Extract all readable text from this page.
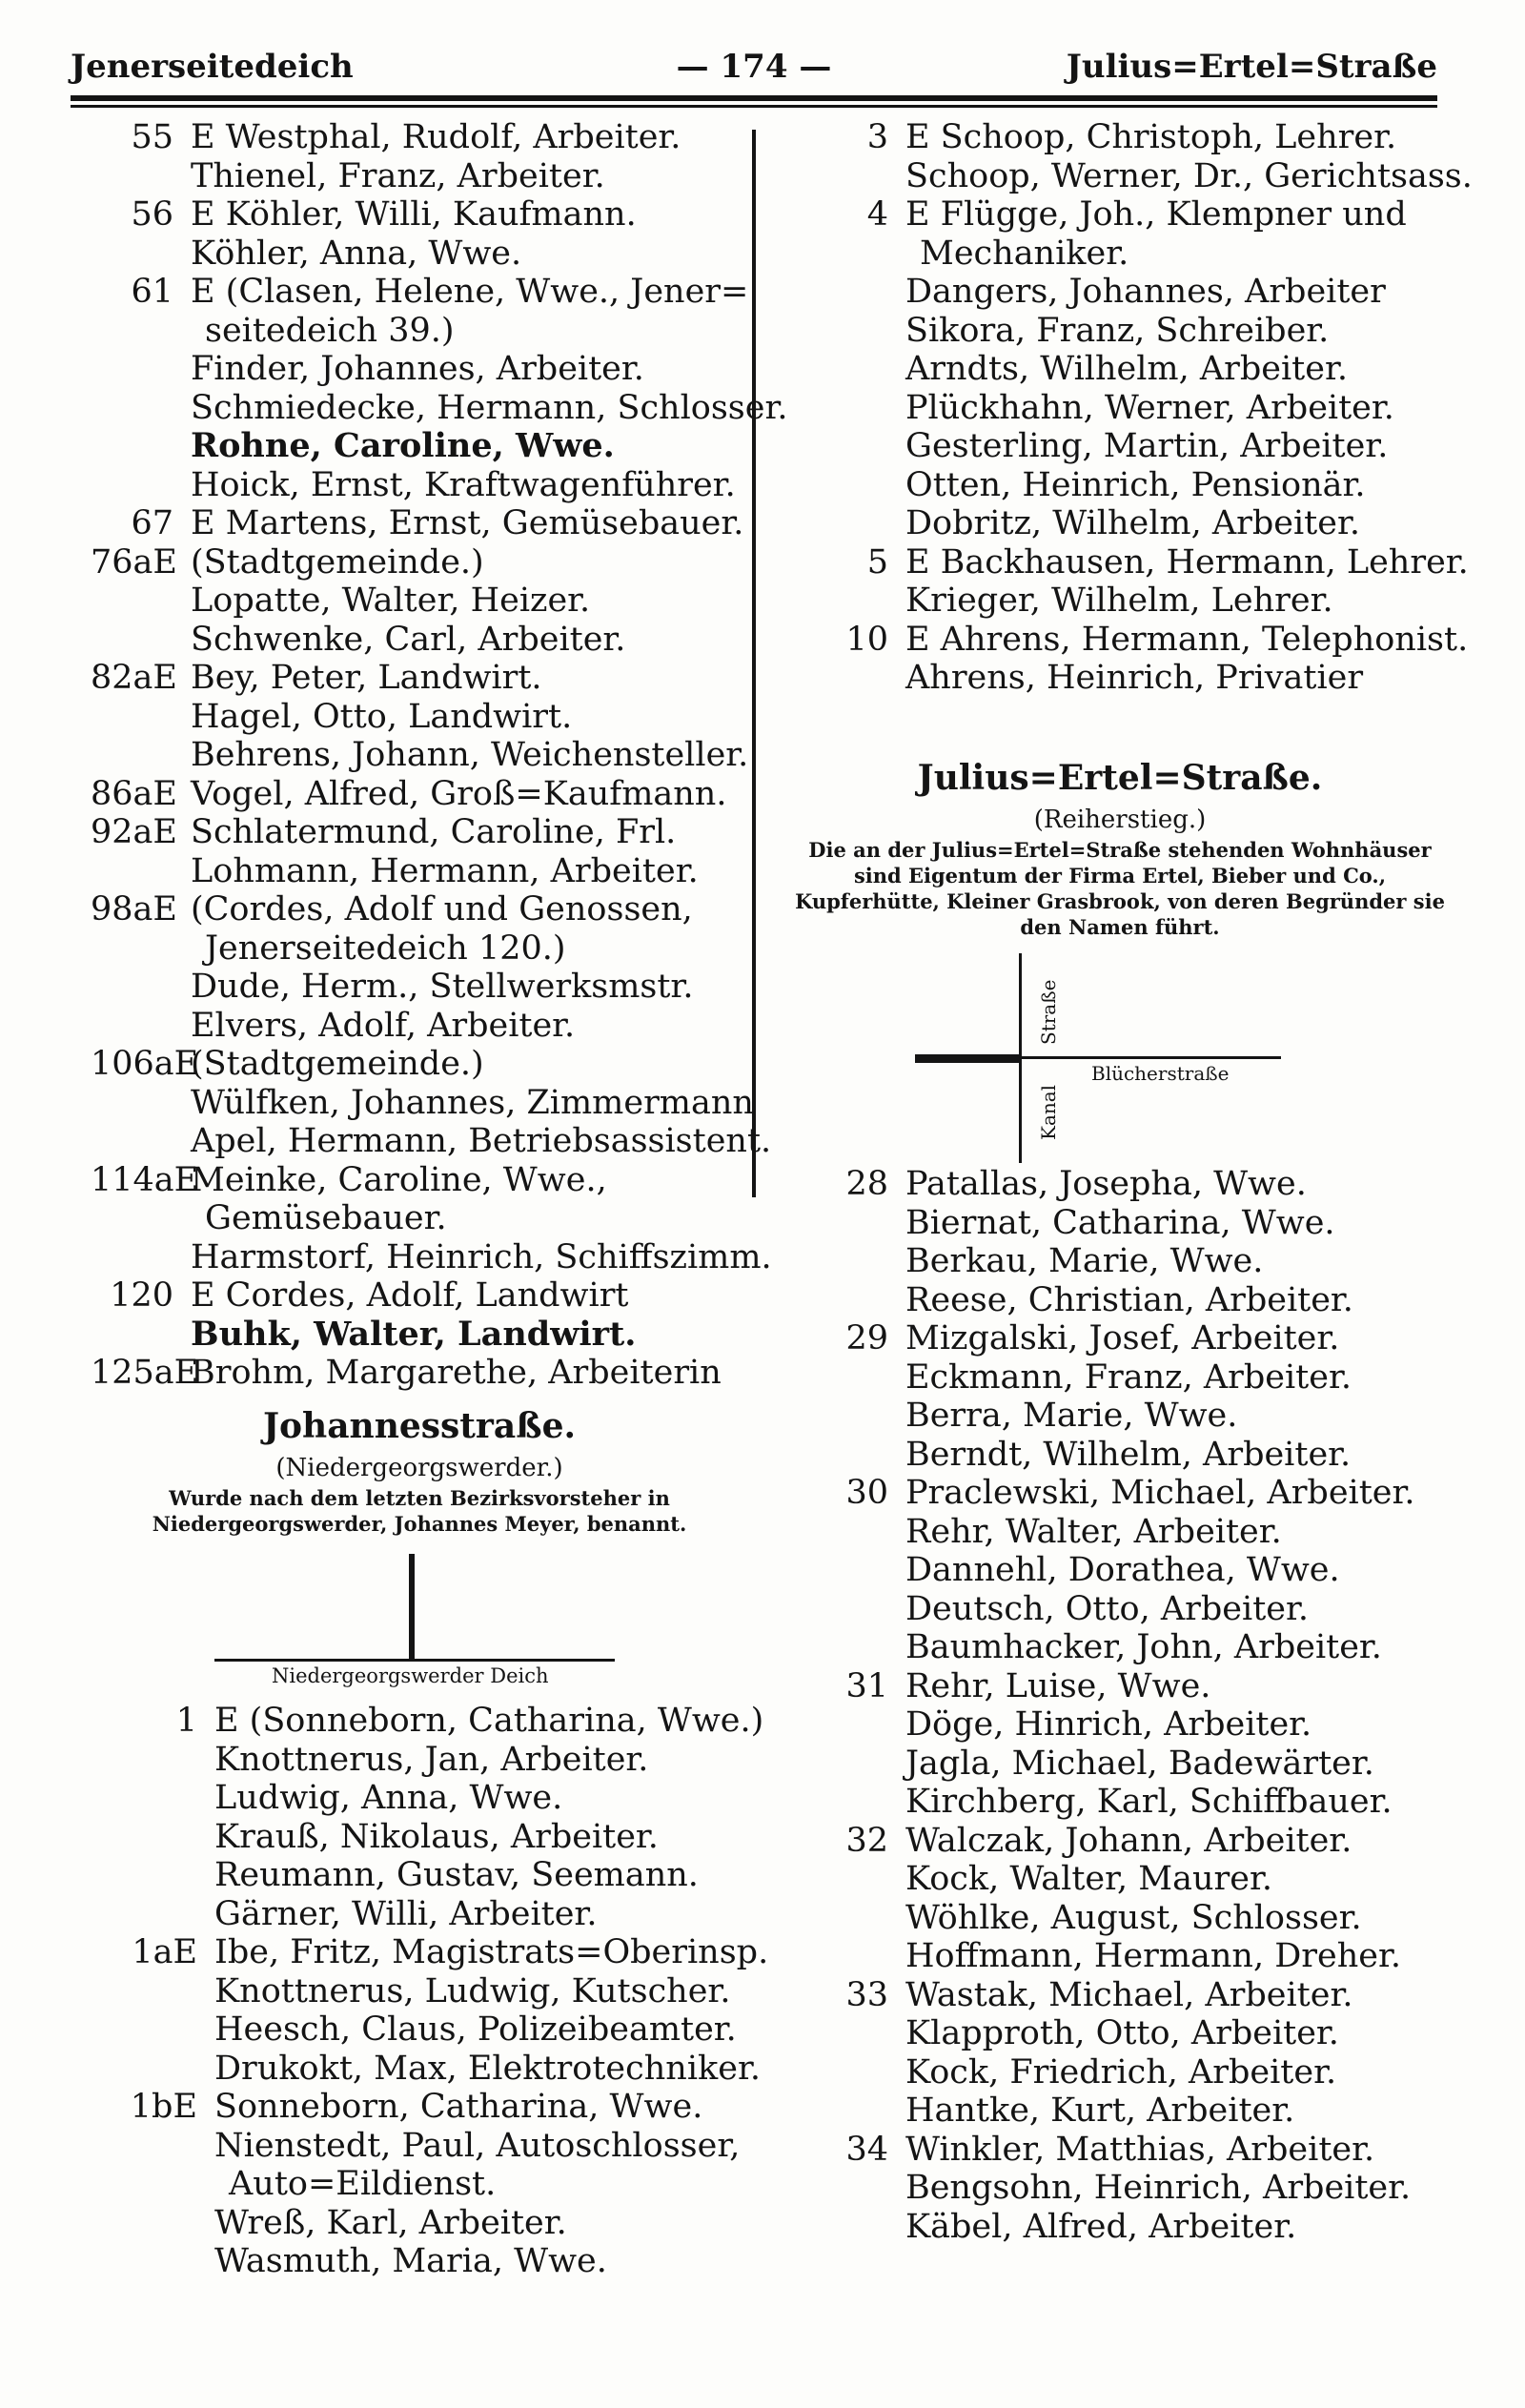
Jenerseitedeich	— 174 —	Julius=Ertel=Straße
55 E Westphal, Rudolf, Arbeiter.
Thienel, Franz, Arbeiter.
56 E Köhler, Willi, Kaufmann.
Köhler, Anna, Wwe.
61 E (Clasen, Helene, Wwe., Jener=
seitedeich 39.)
Finder, Johannes, Arbeiter.
Schmiedecke, Hermann, Schlosser.
Rohne, Caroline, Wwe.
Hoick, Ernst, Kraftwagenführer.
67 E Martens, Ernst, Gemüsebauer.
76aE (Stadtgemeinde.)
Lopatte, Walter, Heizer.
Schwenke, Carl, Arbeiter.
82aE Bey, Peter, Landwirt.
Hagel, Otto, Landwirt.
Behrens, Johann, Weichensteller.
86aE Vogel, Alfred, Groß=Kaufmann.
92aE Schlatermund, Caroline, Frl.
Lohmann, Hermann, Arbeiter.
98aE (Cordes, Adolf und Genossen,
Jenerseitedeich 120.)
Dude, Herm., Stellwerksmstr.
Elvers, Adolf, Arbeiter.
106aE
(Stadtgemeinde.)
Wülfken, Johannes, Zimmermann
Apel, Hermann, Betriebsassistent.
114aE
Meinke, Caroline, Wwe.,
Gemüsebauer.
Harmstorf, Heinrich, Schiffszimm.
120 E Cordes, Adolf, Landwirt
Buhk, Walter, Landwirt.
125aE
Brohm, Margarethe, Arbeiterin
Johannesstraße.
(Niedergeorgswerder.)
Wurde nach dem letzten Bezirksvorsteher in Niedergeorgswerder, Johannes Meyer, benannt.
Niedergeorgswerder Deich
1 E (Sonneborn, Catharina, Wwe.)
Knottnerus, Jan, Arbeiter.
Ludwig, Anna, Wwe.
Krauß, Nikolaus, Arbeiter.
Reumann, Gustav, Seemann.
Gärner, Willi, Arbeiter.
1aE Ibe, Fritz, Magistrats=Oberinsp.
Knottnerus, Ludwig, Kutscher.
Heesch, Claus, Polizeibeamter.
Drukokt, Max, Elektrotechniker.
1bE Sonneborn, Catharina, Wwe.
Nienstedt, Paul, Autoschlosser,
Auto=Eildienst.
Wreß, Karl, Arbeiter.
Wasmuth, Maria, Wwe.
3 E Schoop, Christoph, Lehrer.
Schoop, Werner, Dr., Gerichtsass.
4 E Flügge, Joh., Klempner und
Mechaniker.
Dangers, Johannes, Arbeiter
Sikora, Franz, Schreiber.
Arndts, Wilhelm, Arbeiter.
Plückhahn, Werner, Arbeiter.
Gesterling, Martin, Arbeiter.
Otten, Heinrich, Pensionär.
Dobritz, Wilhelm, Arbeiter.
5 E Backhausen, Hermann, Lehrer.
Krieger, Wilhelm, Lehrer.
10 E Ahrens, Hermann, Telephonist.
Ahrens, Heinrich, Privatier
Julius=Ertel=Straße.
(Reiherstieg.)
Die an der Julius=Ertel=Straße stehenden Wohnhäuser sind Eigentum der Firma Ertel, Bieber und Co., Kupferhütte, Kleiner Grasbrook, von deren Begründer sie den Namen führt.
Straße
Kanal
Blücherstraße
28 Patallas, Josepha, Wwe.
Biernat, Catharina, Wwe.
Berkau, Marie, Wwe.
Reese, Christian, Arbeiter.
29 Mizgalski, Josef, Arbeiter.
Eckmann, Franz, Arbeiter.
Berra, Marie, Wwe.
Berndt, Wilhelm, Arbeiter.
30 Praclewski, Michael, Arbeiter.
Rehr, Walter, Arbeiter.
Dannehl, Dorathea, Wwe.
Deutsch, Otto, Arbeiter.
Baumhacker, John, Arbeiter.
31 Rehr, Luise, Wwe.
Döge, Hinrich, Arbeiter.
Jagla, Michael, Badewärter.
Kirchberg, Karl, Schiffbauer.
32 Walczak, Johann, Arbeiter.
Kock, Walter, Maurer.
Wöhlke, August, Schlosser.
Hoffmann, Hermann, Dreher.
33 Wastak, Michael, Arbeiter.
Klapproth, Otto, Arbeiter.
Kock, Friedrich, Arbeiter.
Hantke, Kurt, Arbeiter.
34 Winkler, Matthias, Arbeiter.
Bengsohn, Heinrich, Arbeiter.
Käbel, Alfred, Arbeiter.
